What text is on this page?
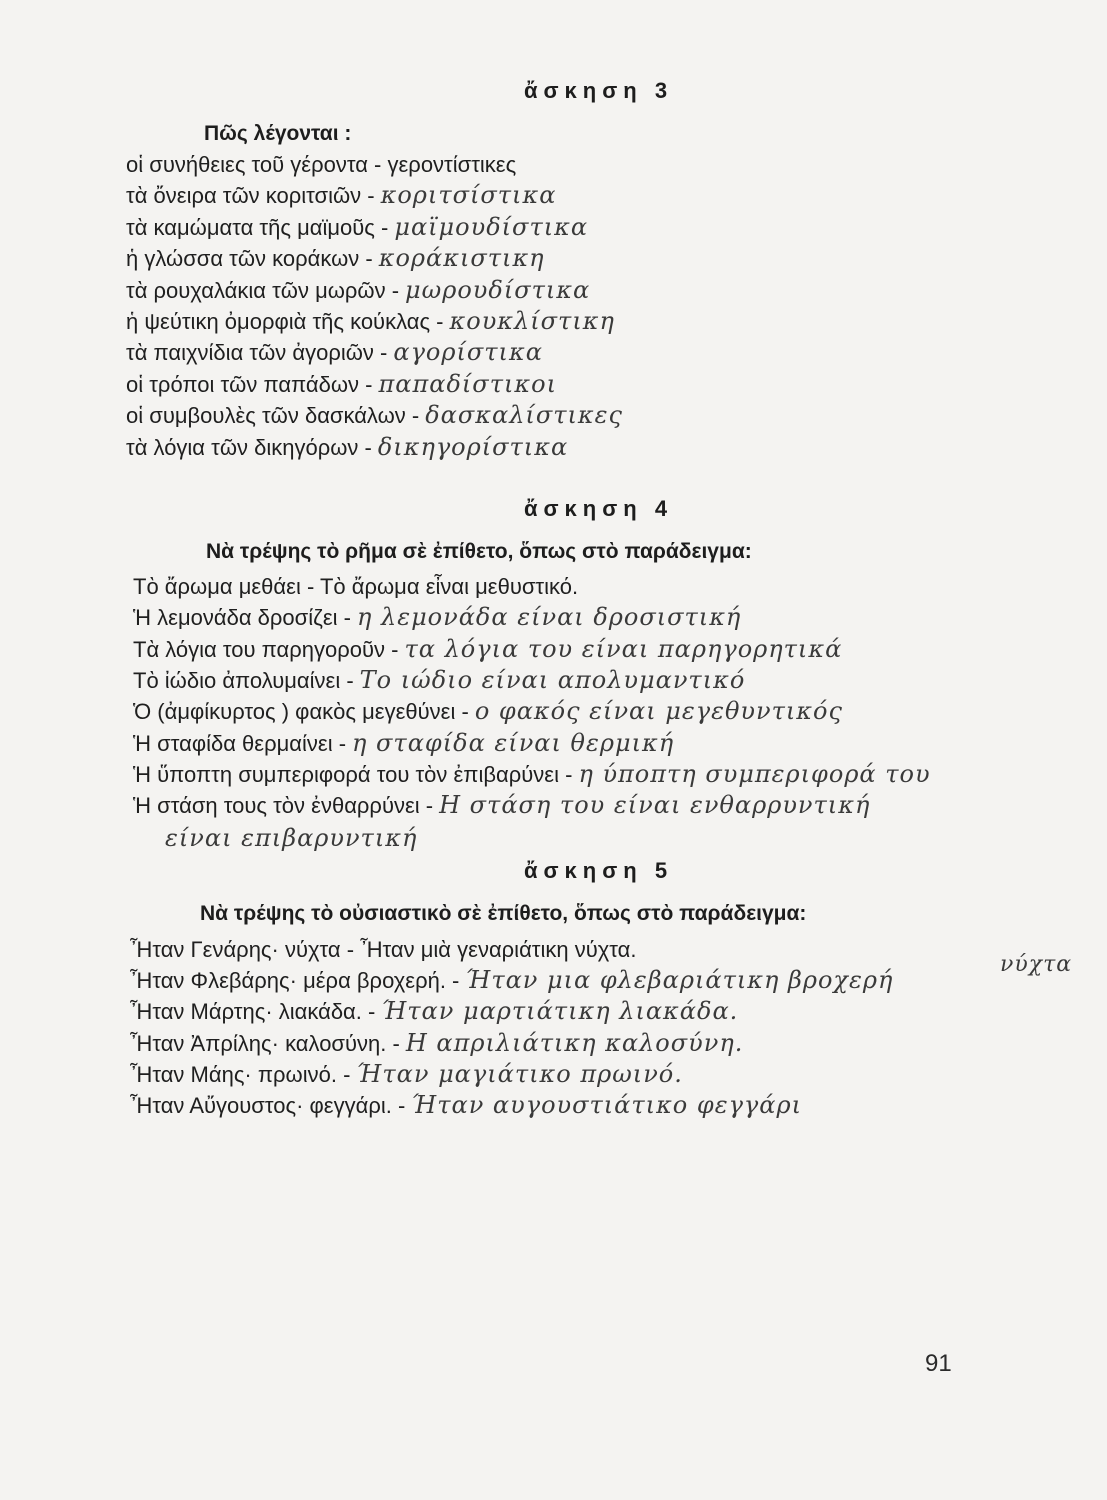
ἄσκηση 3
Πῶς λέγονται :
οἱ συνήθειες τοῦ γέροντα - γεροντίστικες
τὰ ὄνειρα τῶν κοριτσιῶν - κοριτσίστικα
τὰ καμώματα τῆς μαϊμοῦς - μαϊμουδίστικα
ἡ γλώσσα τῶν κοράκων - κοράκιστικη
τὰ ρουχαλάκια τῶν μωρῶν - μωρουδίστικα
ἡ ψεύτικη ὀμορφιὰ τῆς κούκλας - κουκλίστικη
τὰ παιχνίδια τῶν ἀγοριῶν - αγορίστικα
οἱ τρόποι τῶν παπάδων - παπαδίστικοι
οἱ συμβουλὲς τῶν δασκάλων - δασκαλίστικες
τὰ λόγια τῶν δικηγόρων - δικηγορίστικα
ἄσκηση 4
Νὰ τρέψης τὸ ρῆμα σὲ ἐπίθετο, ὅπως στὸ παράδειγμα:
Τὸ ἄρωμα μεθάει - Τὸ ἄρωμα εἶναι μεθυστικό.
Ἡ λεμονάδα δροσίζει - η λεμονάδα είναι δροσιστική
Τὰ λόγια του παρηγοροῦν - τα λόγια του είναι παρηγορητικά
Τὸ ἰώδιο ἀπολυμαίνει - Το ιώδιο είναι απολυμαντικό
Ὁ (ἀμφίκυρτος ) φακὸς μεγεθύνει - ο φακός είναι μεγεθυντικός
Ἡ σταφίδα θερμαίνει - η σταφίδα είναι θερμική
Ἡ ὕποπτη συμπεριφορά του τὸν ἐπιβαρύνει - η ύποπτη συμπεριφορά του
Ἡ στάση τους τὸν ἐνθαρρύνει - Η στάση του είναι ενθαρρυντική
είναι επιβαρυντική
ἄσκηση 5
Νὰ τρέψης τὸ οὐσιαστικὸ σὲ ἐπίθετο, ὅπως στὸ παράδειγμα:
Ἦταν Γενάρης· νύχτα - Ἦταν μιὰ γεναριάτικη νύχτα.
Ἦταν Φλεβάρης· μέρα βροχερή. - Ήταν μια φλεβαριάτικη βροχερή
Ἦταν Μάρτης· λιακάδα. - Ήταν μαρτιάτικη λιακάδα.
Ἦταν Ἀπρίλης· καλοσύνη. - Η απριλιάτικη καλοσύνη.
Ἦταν Μάης· πρωινό. - Ήταν μαγιάτικο πρωινό.
Ἦταν Αὔγουστος· φεγγάρι. - Ήταν αυγουστιάτικο φεγγάρι
νύχτα
91
